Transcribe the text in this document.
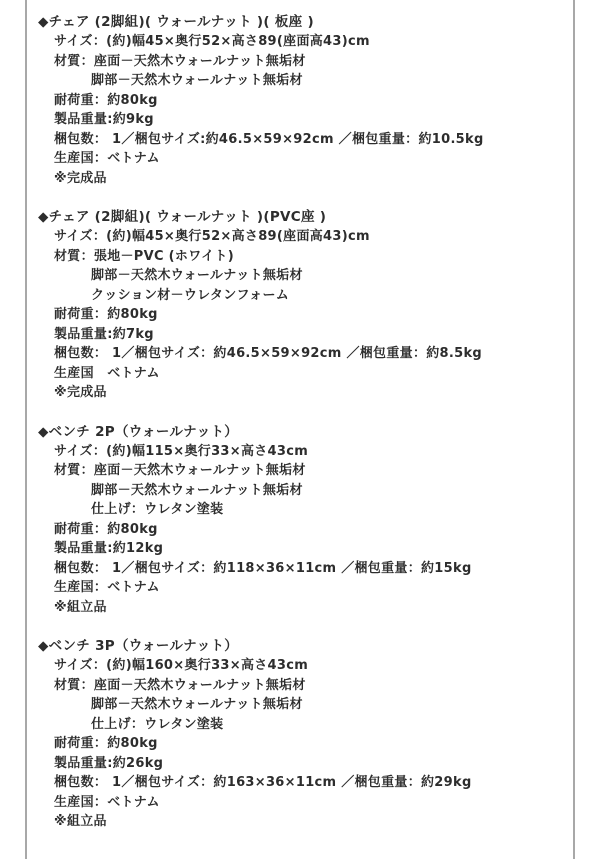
◆チェア (2脚組)( ウォールナット )( 板座 )

サイズ：(約)幅45×奥行52×高さ89(座面高43)cm

材質：座面－天然木ウォールナット無垢材

脚部－天然木ウォールナット無垢材

耐荷重：約80kg

製品重量:約9kg

梱包数： 1／梱包サイズ:約46.5×59×92cm ／梱包重量：約10.5kg

生産国：ベトナム

※完成品

◆チェア (2脚組)( ウォールナット )(PVC座 )

サイズ：(約)幅45×奥行52×高さ89(座面高43)cm

材質：張地－PVC (ホワイト)

脚部－天然木ウォールナット無垢材

クッション材－ウレタンフォーム

耐荷重：約80kg

製品重量:約7kg

梱包数： 1／梱包サイズ：約46.5×59×92cm ／梱包重量：約8.5kg

生産国　ベトナム

※完成品

◆ベンチ 2P（ウォールナット）

サイズ：(約)幅115×奥行33×高さ43cm

材質：座面－天然木ウォールナット無垢材

脚部－天然木ウォールナット無垢材

仕上げ：ウレタン塗装

耐荷重：約80kg

製品重量:約12kg

梱包数： 1／梱包サイズ：約118×36×11cm ／梱包重量：約15kg

生産国：ベトナム

※組立品

◆ベンチ 3P（ウォールナット）

サイズ：(約)幅160×奥行33×高さ43cm

材質：座面－天然木ウォールナット無垢材

脚部－天然木ウォールナット無垢材

仕上げ：ウレタン塗装

耐荷重：約80kg

製品重量:約26kg

梱包数： 1／梱包サイズ：約163×36×11cm ／梱包重量：約29kg

生産国：ベトナム

※組立品
